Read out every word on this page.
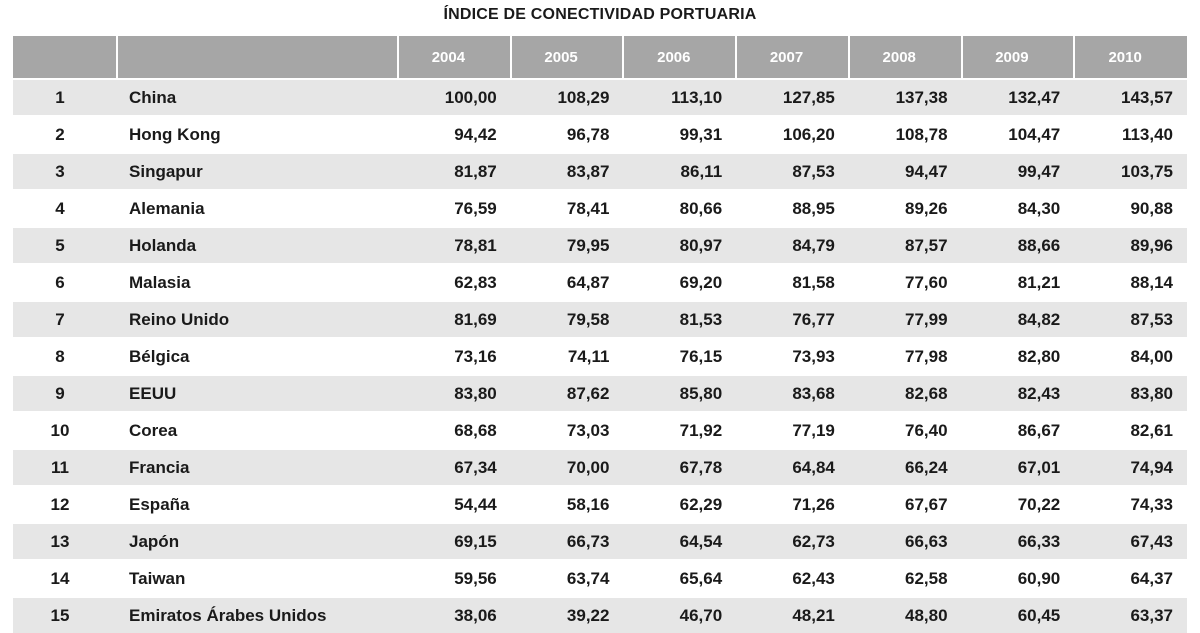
ÍNDICE DE CONECTIVIDAD PORTUARIA
		2004	2005	2006	2007	2008	2009	2010
1	China	100,00	108,29	113,10	127,85	137,38	132,47	143,57
2	Hong Kong	94,42	96,78	99,31	106,20	108,78	104,47	113,40
3	Singapur	81,87	83,87	86,11	87,53	94,47	99,47	103,75
4	Alemania	76,59	78,41	80,66	88,95	89,26	84,30	90,88
5	Holanda	78,81	79,95	80,97	84,79	87,57	88,66	89,96
6	Malasia	62,83	64,87	69,20	81,58	77,60	81,21	88,14
7	Reino Unido	81,69	79,58	81,53	76,77	77,99	84,82	87,53
8	Bélgica	73,16	74,11	76,15	73,93	77,98	82,80	84,00
9	EEUU	83,80	87,62	85,80	83,68	82,68	82,43	83,80
10	Corea	68,68	73,03	71,92	77,19	76,40	86,67	82,61
11	Francia	67,34	70,00	67,78	64,84	66,24	67,01	74,94
12	España	54,44	58,16	62,29	71,26	67,67	70,22	74,33
13	Japón	69,15	66,73	64,54	62,73	66,63	66,33	67,43
14	Taiwan	59,56	63,74	65,64	62,43	62,58	60,90	64,37
15	Emiratos Árabes Unidos	38,06	39,22	46,70	48,21	48,80	60,45	63,37
